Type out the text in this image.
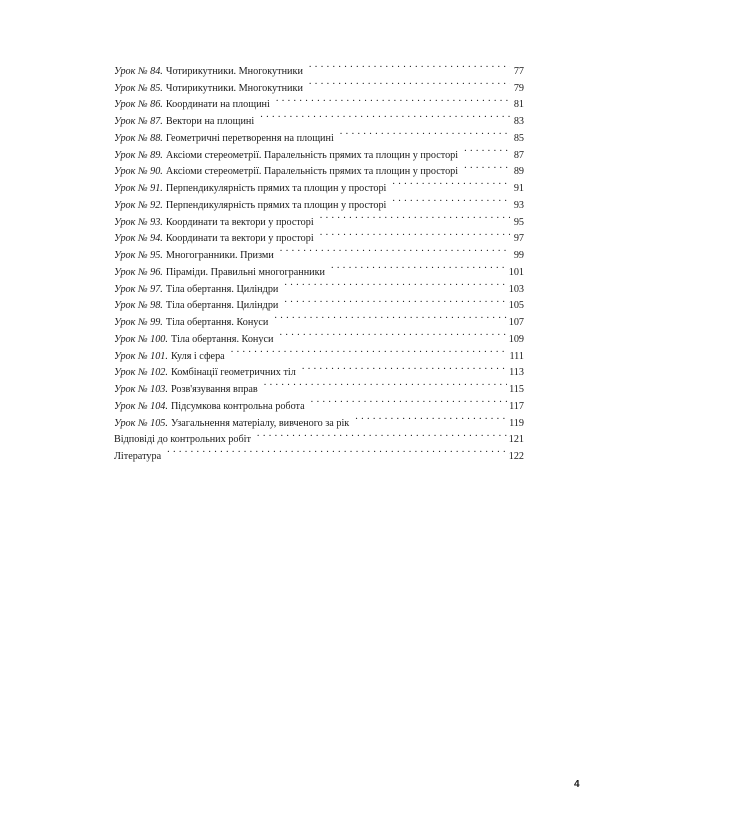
Урок № 84. Чотирикутники. Многокутники . . .	77
Урок № 85. Чотирикутники. Многокутники . . .	79
Урок № 86. Координати на площині . . .	81
Урок № 87. Вектори на площині . . .	83
Урок № 88. Геометричні перетворення на площині . . .	85
Урок № 89. Аксіоми стереометрії. Паралельність прямих та площин у просторі . . .	87
Урок № 90. Аксіоми стереометрії. Паралельність прямих та площин у просторі . . .	89
Урок № 91. Перпендикулярність прямих та площин у просторі . . .	91
Урок № 92. Перпендикулярність прямих та площин у просторі . . .	93
Урок № 93. Координати та вектори у просторі . . .	95
Урок № 94. Координати та вектори у просторі . . .	97
Урок № 95. Многогранники. Призми . . .	99
Урок № 96. Піраміди. Правильні многогранники . . .	101
Урок № 97. Тіла обертання. Циліндри . . .	103
Урок № 98. Тіла обертання. Циліндри . . .	105
Урок № 99. Тіла обертання. Конуси . . .	107
Урок № 100. Тіла обертання. Конуси . . .	109
Урок № 101. Куля і сфера . . .	111
Урок № 102. Комбінації геометричних тіл . . .	113
Урок № 103. Розв'язування вправ . . .	115
Урок № 104. Підсумкова контрольна робота . . .	117
Урок № 105. Узагальнення матеріалу, вивченого за рік . . .	119
Відповіді до контрольних робіт . . .	121
Література . . .	122
4
